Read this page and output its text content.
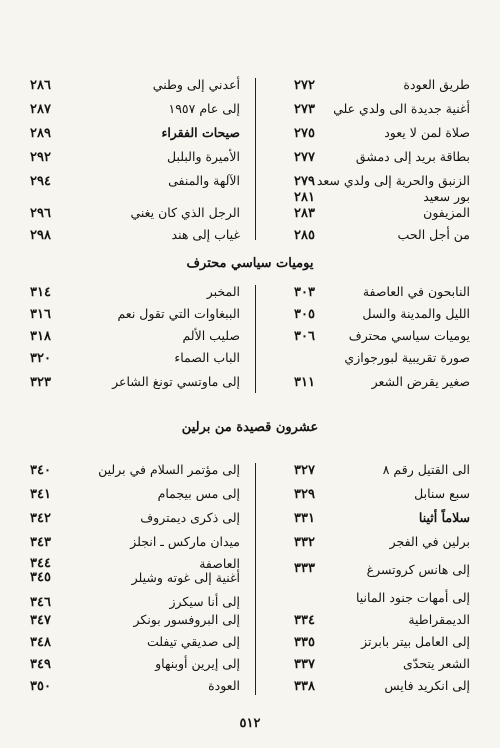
طريق العودة
٢٧٢
أعدني إلى وطني
٢٨٦
أغنية جديدة الى ولدي علي
٢٧٣
إلى عام ١٩٥٧
٢٨٧
صلاة لمن لا يعود
٢٧٥
صيحات الفقراء
٢٨٩
بطاقة بريد إلى دمشق
٢٧٧
الأميرة والبلبل
٢٩٢
الزنبق والحرية إلى ولدي سعد
٢٧٩
الآلهة والمنفى
٢٩٤
بور سعيد
٢٨١
المزيفون
٢٨٣
الرجل الذي كان يغني
٢٩٦
من أجل الحب
٢٨٥
غياب إلى هند
٢٩٨
يوميات سياسي محترف
النابحون في العاصفة
٣٠٣
المخبر
٣١٤
الليل والمدينة والسل
٣٠٥
الببغاوات التي تقول نعم
٣١٦
يوميات سياسي محترف
٣٠٦
صليب الألم
٣١٨
صورة تقريبية لبورجوازي
الباب الصماء
٣٢٠
صغير يقرض الشعر
٣١١
إلى ماوتسي تونغ الشاعر
٣٢٣
عشرون قصيدة من برلين
الى القتيل رقم ٨
٣٢٧
إلى مؤتمر السلام في برلين
٣٤٠
سبع سنابل
٣٢٩
إلى مس بيجمام
٣٤١
سلاماً أثينا
٣٣١
إلى ذكرى ديمتروف
٣٤٢
برلين في الفجر
٣٣٢
ميدان ماركس ـ انجلز
٣٤٣
إلى هانس كروتسرغ
٣٣٣
العاصفة
أغنية إلى غوته وشيلر
٣٤٤
٣٤٥
إلى أمهات جنود المانيا
إلى أنا سيكرز
٣٤٦
الديمقراطية
٣٣٤
إلى البروفسور بونكر
٣٤٧
إلى العامل بيتر بابرتز
٣٣٥
إلى صديقي تيفلت
٣٤٨
الشعر يتحدّى
٣٣٧
إلى إيرين أوبنهاو
٣٤٩
إلى انكريد فايس
٣٣٨
العودة
٣٥٠
٥١٢
